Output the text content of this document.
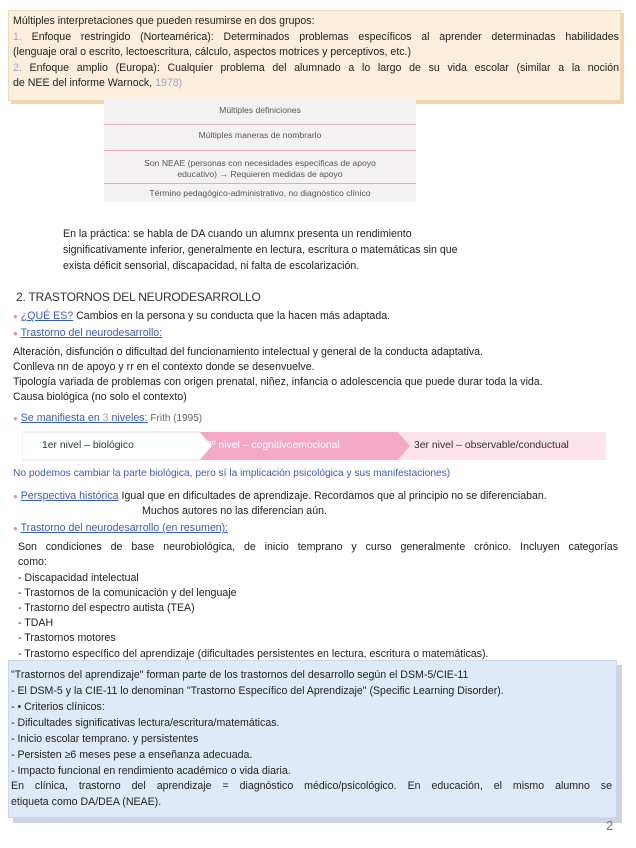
Múltiples interpretaciones que pueden resumirse en dos grupos:
1. Enfoque restringido (Norteamérica): Determinados problemas específicos al aprender determinadas habilidades
(lenguaje oral o escrito, lectoescritura, cálculo, aspectos motrices y perceptivos, etc.)
2. Enfoque amplio (Europa): Cualquier problema del alumnado a lo largo de su vida escolar (similar a la noción
de NEE del informe Warnock, 1978)
Múltiples definiciones
Múltiples maneras de nombrarlo
Son NEAE (personas con necesidades específicas de apoyo
educativo) → Requieren medidas de apoyo
Término pedagógico-administrativo, no diagnóstico clínico
En la práctica: se habla de DA cuando un alumnx presenta un rendimiento
significativamente inferior, generalmente en lectura, escritura o matemáticas sin que
exista déficit sensorial, discapacidad, ni falta de escolarización.
2. TRASTORNOS DEL NEURODESARROLLO
● ¿QUÉ ES? Cambios en la persona y su conducta que la hacen más adaptada.
● Trastorno del neurodesarrollo:
Alteración, disfunción o dificultad del funcionamiento intelectual y general de la conducta adaptativa.
Conlleva nn de apoyo y rr en el contexto donde se desenvuelve.
Tipología variada de problemas con origen prenatal, niñez, infancia o adolescencia que puede durar toda la vida.
Causa biológica (no solo el contexto)
● Se manifiesta en 3 niveles: Frith (1995)
1er nivel – biológico	2º nivel – cognitivoemocional	3er nivel – observable/conductual
No podemos cambiar la parte biológica, pero sí la implicación psicológica y sus manifestaciones)
● Perspectiva histórica Igual que en dificultades de aprendizaje. Recordamos que al principio no se diferenciaban.
Muchos autores no las diferencian aún.
● Trastorno del neurodesarrollo (en resumen):
Son condiciones de base neurobiológica, de inicio temprano y curso generalmente crónico. Incluyen categorías
como:
- Discapacidad intelectual
- Trastornos de la comunicación y del lenguaje
- Trastorno del espectro autista (TEA)
- TDAH
- Trastornos motores
- Trastorno específico del aprendizaje (dificultades persistentes en lectura, escritura o matemáticas).
"Trastornos del aprendizaje" forman parte de los trastornos del desarrollo según el DSM-5/CIE-11
- El DSM-5 y la CIE-11 lo denominan "Trastorno Específico del Aprendizaje" (Specific Learning Disorder).
- • Criterios clínicos:
- Dificultades significativas lectura/escritura/matemáticas.
- Inicio escolar temprano. y persistentes
- Persisten ≥6 meses pese a enseñanza adecuada.
- Impacto funcional en rendimiento académico o vida diaria.
En clínica, trastorno del aprendizaje = diagnóstico médico/psicológico. En educación, el mismo alumno se
etiqueta como DA/DEA (NEAE).
2
